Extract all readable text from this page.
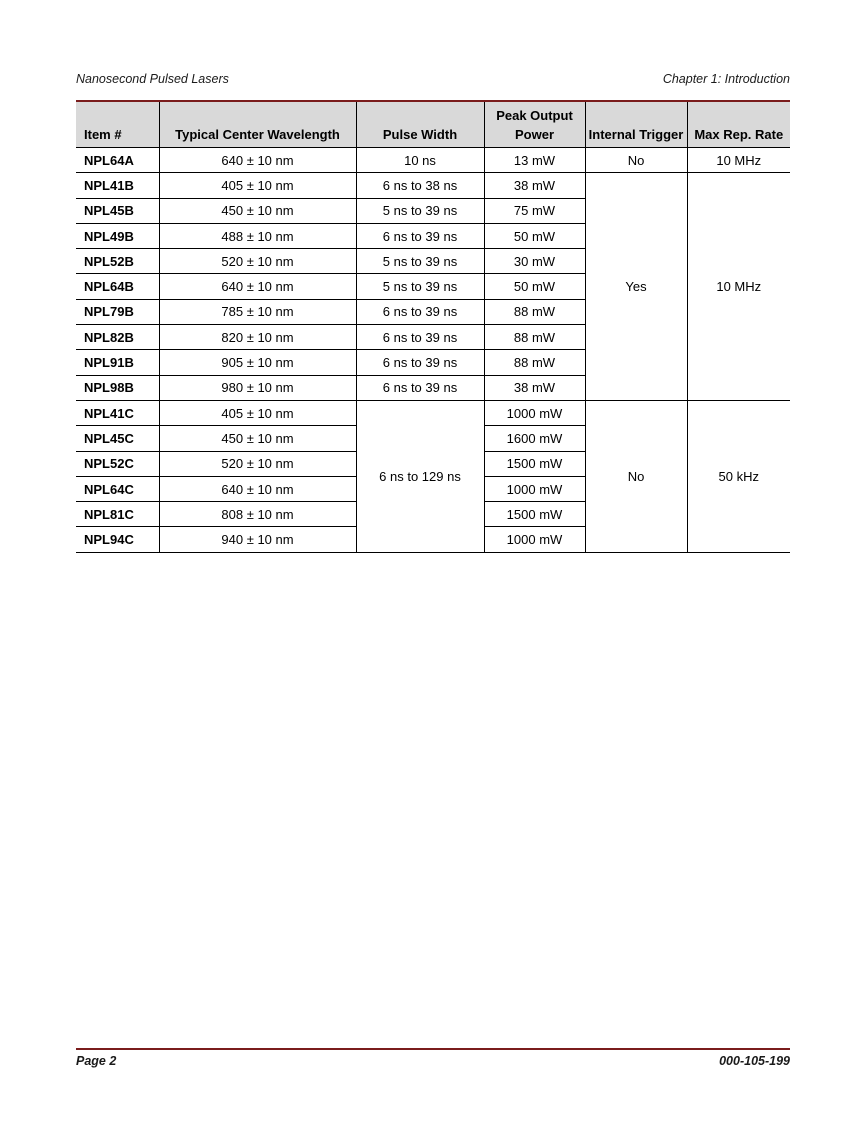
Nanosecond Pulsed Lasers	Chapter 1: Introduction
Item #	Typical Center Wavelength	Pulse Width	Peak Output Power	Internal Trigger	Max Rep. Rate
NPL64A	640 ± 10 nm	10 ns	13 mW	No	10 MHz
NPL41B	405 ± 10 nm	6 ns to 38 ns	38 mW	Yes	10 MHz
NPL45B	450 ± 10 nm	5 ns to 39 ns	75 mW		
NPL49B	488 ± 10 nm	6 ns to 39 ns	50 mW		
NPL52B	520 ± 10 nm	5 ns to 39 ns	30 mW		
NPL64B	640 ± 10 nm	5 ns to 39 ns	50 mW		
NPL79B	785 ± 10 nm	6 ns to 39 ns	88 mW		
NPL82B	820 ± 10 nm	6 ns to 39 ns	88 mW		
NPL91B	905 ± 10 nm	6 ns to 39 ns	88 mW		
NPL98B	980 ± 10 nm	6 ns to 39 ns	38 mW		
NPL41C	405 ± 10 nm	6 ns to 129 ns	1000 mW	No	50 kHz
NPL45C	450 ± 10 nm		1600 mW		
NPL52C	520 ± 10 nm		1500 mW		
NPL64C	640 ± 10 nm		1000 mW		
NPL81C	808 ± 10 nm		1500 mW		
NPL94C	940 ± 10 nm		1000 mW		
Page 2	000-105-199
